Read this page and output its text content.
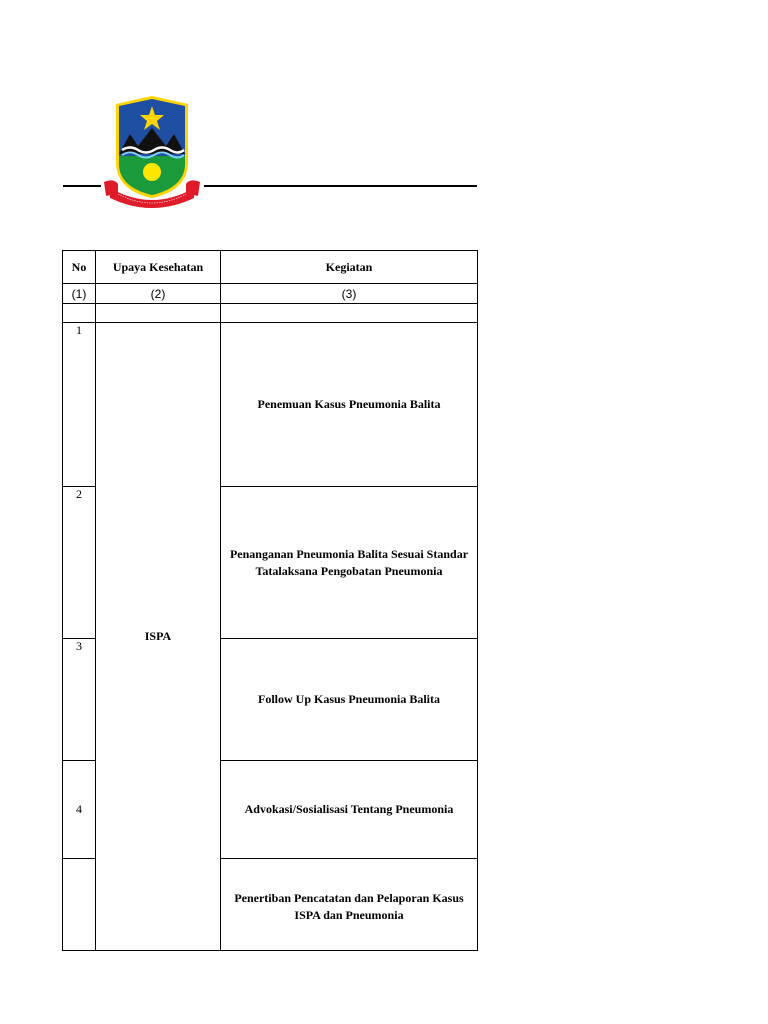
No	Upaya Kesehatan	Kegiatan
(1)	(2)	(3)

1	ISPA	Penemuan Kasus Pneumonia Balita
2		Penanganan Pneumonia Balita Sesuai Standar Tatalaksana Pengobatan Pneumonia
3		Follow Up Kasus Pneumonia Balita
4		Advokasi/Sosialisasi Tentang Pneumonia
		Penertiban Pencatatan dan Pelaporan Kasus ISPA dan Pneumonia
